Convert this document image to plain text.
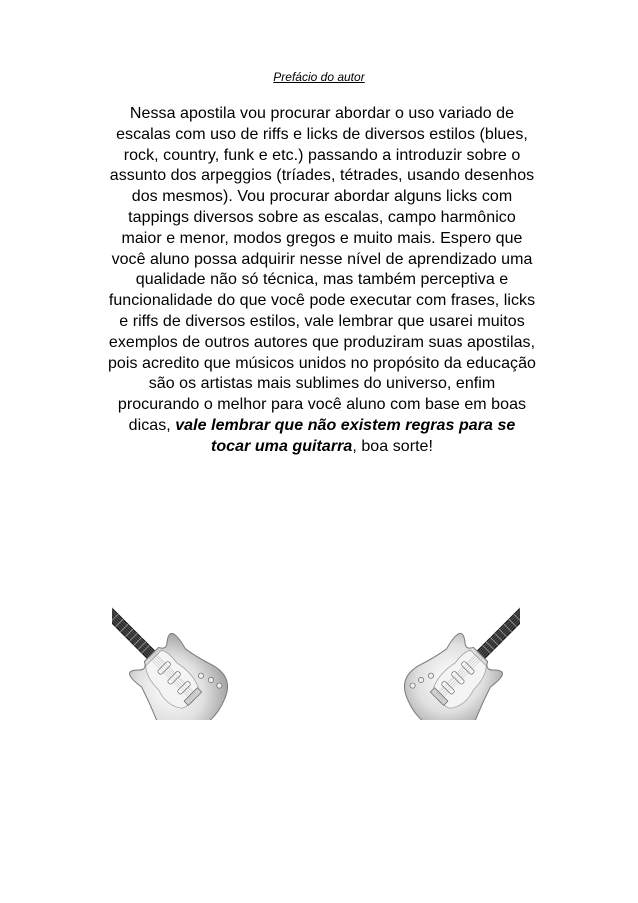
Prefácio do autor
Nessa apostila vou procurar abordar o uso variado de
escalas com uso de riffs e licks de diversos estilos (blues,
rock, country, funk e etc.) passando a introduzir sobre o
assunto dos arpeggios (tríades, tétrades, usando desenhos
dos mesmos). Vou procurar abordar alguns licks com
tappings diversos sobre as escalas, campo harmônico
maior e menor, modos gregos e muito mais. Espero que
você aluno possa adquirir nesse nível de aprendizado uma
qualidade não só técnica, mas também perceptiva e
funcionalidade do que você pode executar com frases, licks
e riffs de diversos estilos, vale lembrar que usarei muitos
exemplos de outros autores que produziram suas apostilas,
pois acredito que músicos unidos no propósito da educação
são os artistas mais sublimes do universo, enfim
procurando o melhor para você aluno com base em boas
dicas, vale lembrar que não existem regras para se
tocar uma guitarra, boa sorte!
